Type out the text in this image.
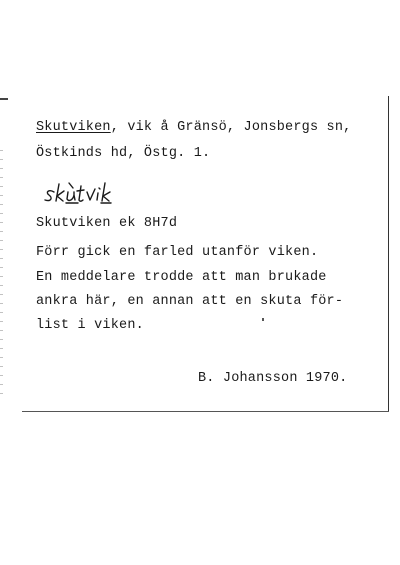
Skutviken, vik å Gränsö, Jonsbergs sn,
Östkinds hd, Östg. 1.
Skutviken ek 8H7d
Förr gick en farled utanför viken.
En meddelare trodde att man brukade
ankra här, en annan att en skuta för-
list i viken.
B. Johansson 1970.
